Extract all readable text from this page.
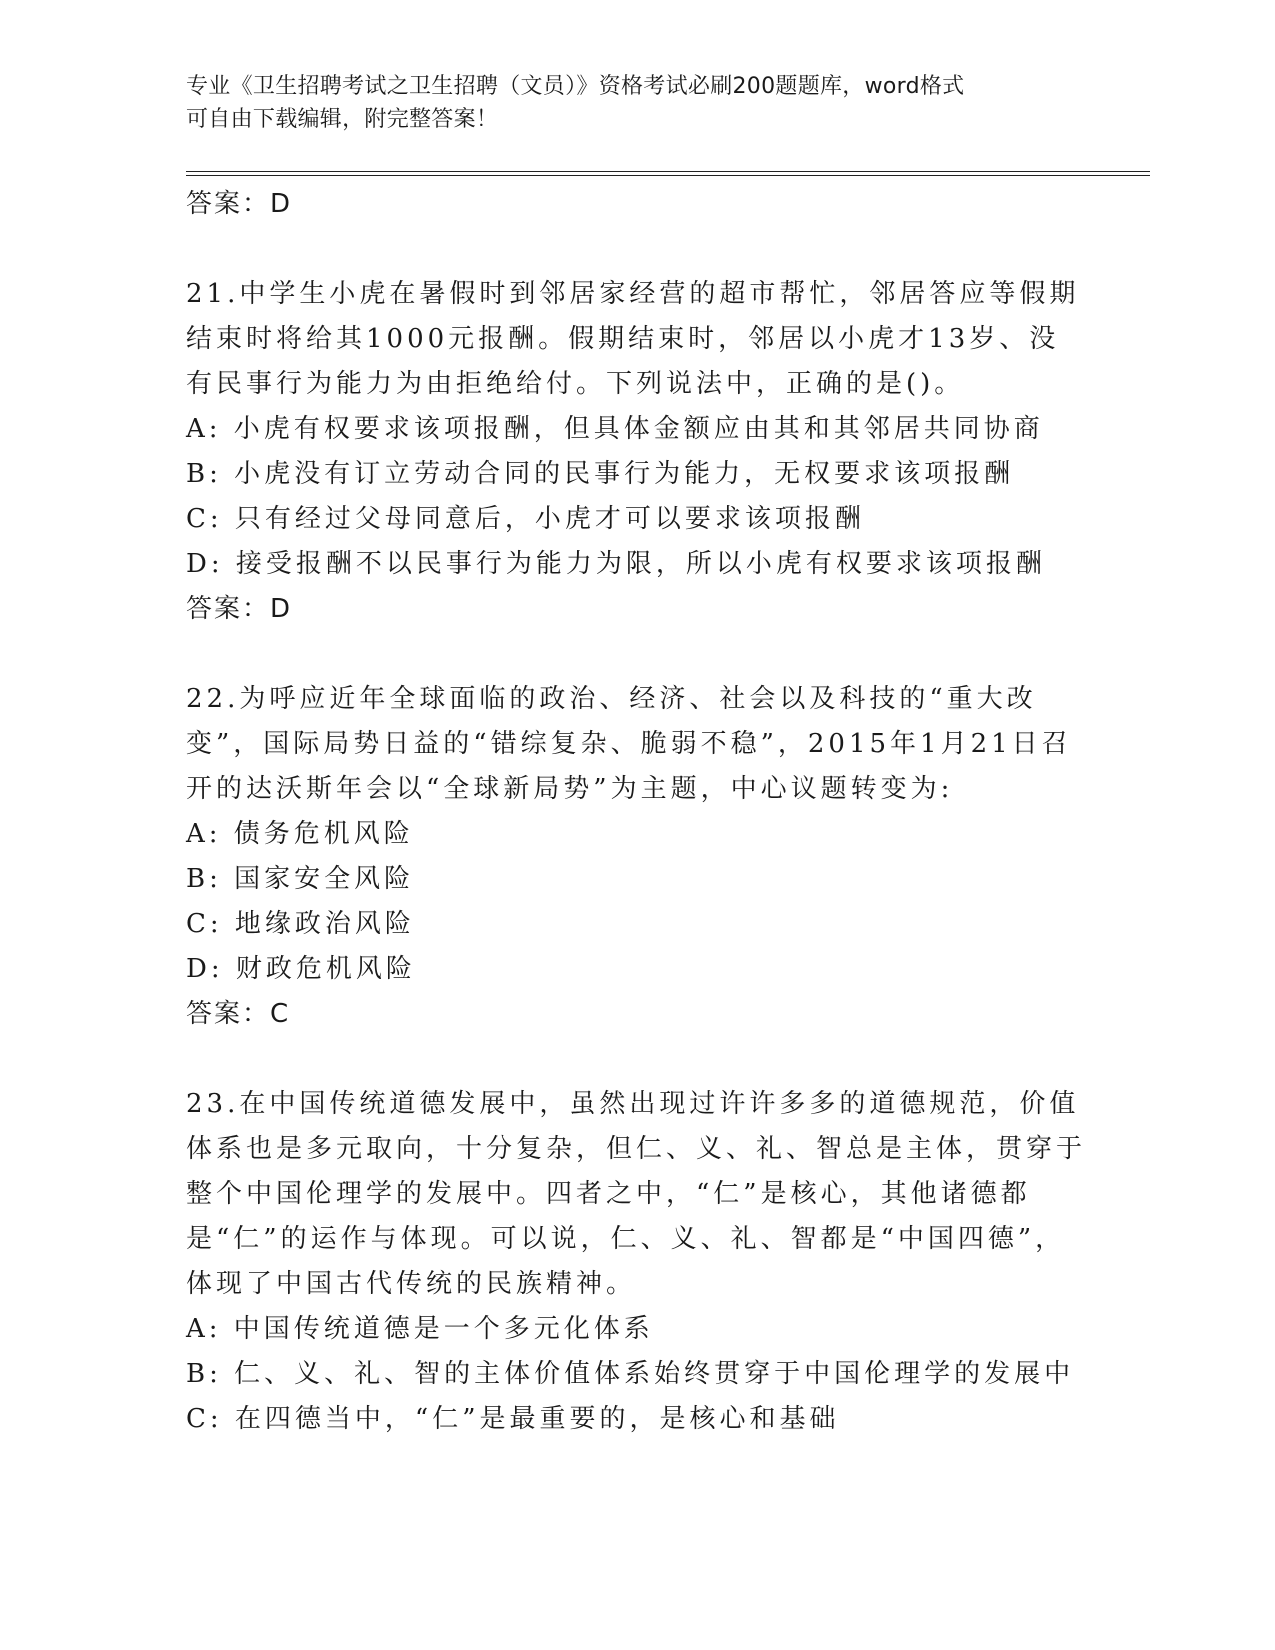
专业《卫生招聘考试之卫生招聘（文员）》资格考试必刷200题题库，word格式
可自由下载编辑，附完整答案！
答案：D
21.中学生小虎在暑假时到邻居家经营的超市帮忙，邻居答应等假期结束时将给其1000元报酬。假期结束时，邻居以小虎才13岁、没有民事行为能力为由拒绝给付。下列说法中，正确的是()。
A: 小虎有权要求该项报酬，但具体金额应由其和其邻居共同协商
B: 小虎没有订立劳动合同的民事行为能力，无权要求该项报酬
C: 只有经过父母同意后，小虎才可以要求该项报酬
D: 接受报酬不以民事行为能力为限，所以小虎有权要求该项报酬
答案：D
22.为呼应近年全球面临的政治、经济、社会以及科技的“重大改变”，国际局势日益的“错综复杂、脆弱不稳”，2015年1月21日召开的达沃斯年会以“全球新局势”为主题，中心议题转变为:
A: 债务危机风险
B: 国家安全风险
C: 地缘政治风险
D: 财政危机风险
答案：C
23.在中国传统道德发展中，虽然出现过许许多多的道德规范，价值体系也是多元取向，十分复杂，但仁、义、礼、智总是主体，贯穿于整个中国伦理学的发展中。四者之中，“仁”是核心，其他诸德都是“仁”的运作与体现。可以说，仁、义、礼、智都是“中国四德”，体现了中国古代传统的民族精神。
A: 中国传统道德是一个多元化体系
B: 仁、义、礼、智的主体价值体系始终贯穿于中国伦理学的发展中
C: 在四德当中，“仁”是最重要的，是核心和基础
